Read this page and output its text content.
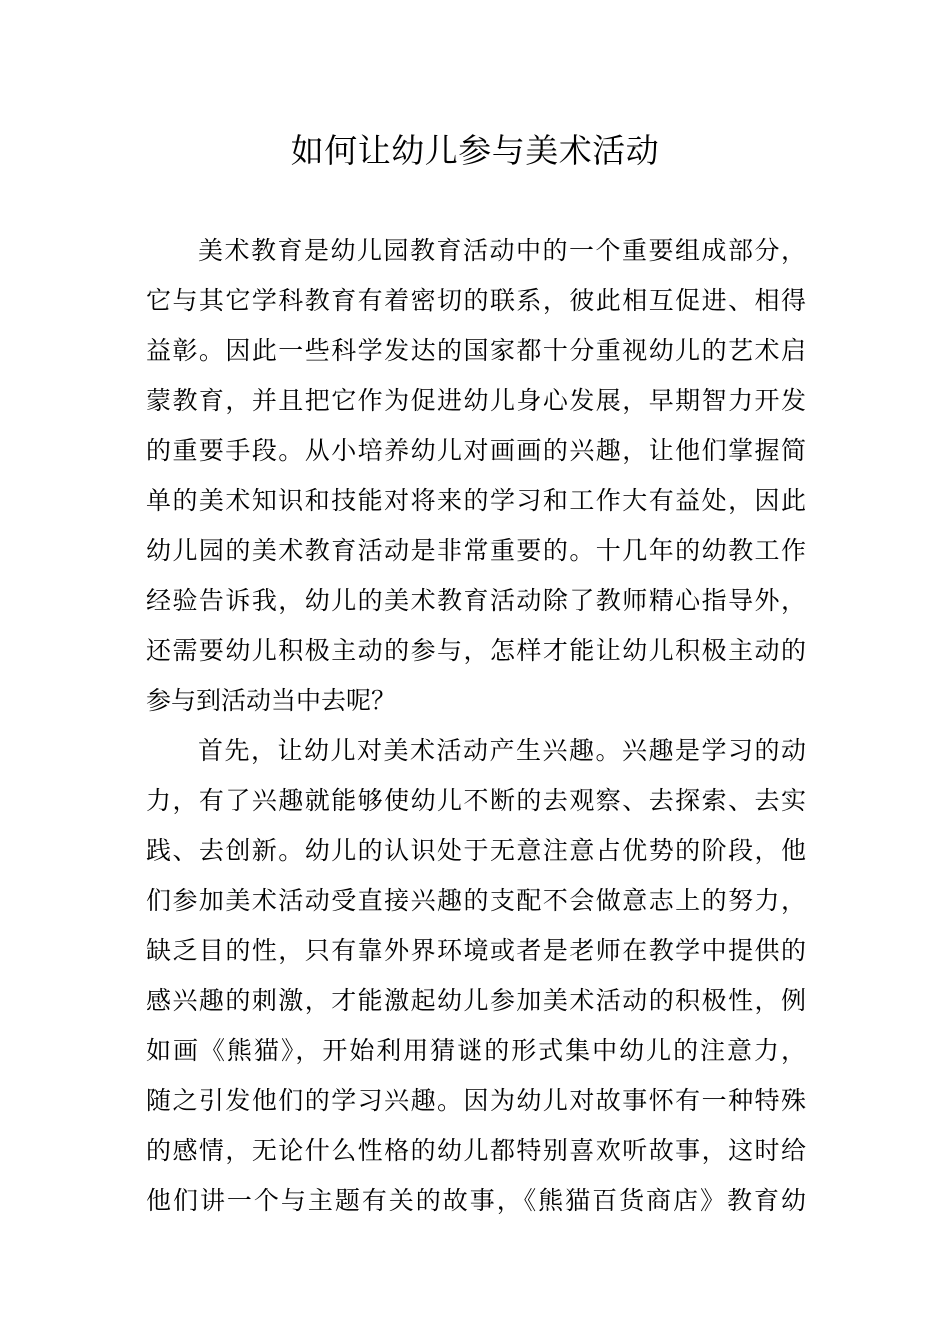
如何让幼儿参与美术活动
美术教育是幼儿园教育活动中的一个重要组成部分，
它与其它学科教育有着密切的联系，彼此相互促进、相得
益彰。因此一些科学发达的国家都十分重视幼儿的艺术启
蒙教育，并且把它作为促进幼儿身心发展，早期智力开发
的重要手段。从小培养幼儿对画画的兴趣，让他们掌握简
单的美术知识和技能对将来的学习和工作大有益处，因此
幼儿园的美术教育活动是非常重要的。十几年的幼教工作
经验告诉我，幼儿的美术教育活动除了教师精心指导外，
还需要幼儿积极主动的参与，怎样才能让幼儿积极主动的
参与到活动当中去呢？
首先，让幼儿对美术活动产生兴趣。兴趣是学习的动
力，有了兴趣就能够使幼儿不断的去观察、去探索、去实
践、去创新。幼儿的认识处于无意注意占优势的阶段，他
们参加美术活动受直接兴趣的支配不会做意志上的努力，
缺乏目的性，只有靠外界环境或者是老师在教学中提供的
感兴趣的刺激，才能激起幼儿参加美术活动的积极性，例
如画《熊猫》，开始利用猜谜的形式集中幼儿的注意力，
随之引发他们的学习兴趣。因为幼儿对故事怀有一种特殊
的感情，无论什么性格的幼儿都特别喜欢听故事，这时给
他们讲一个与主题有关的故事，《熊猫百货商店》教育幼
